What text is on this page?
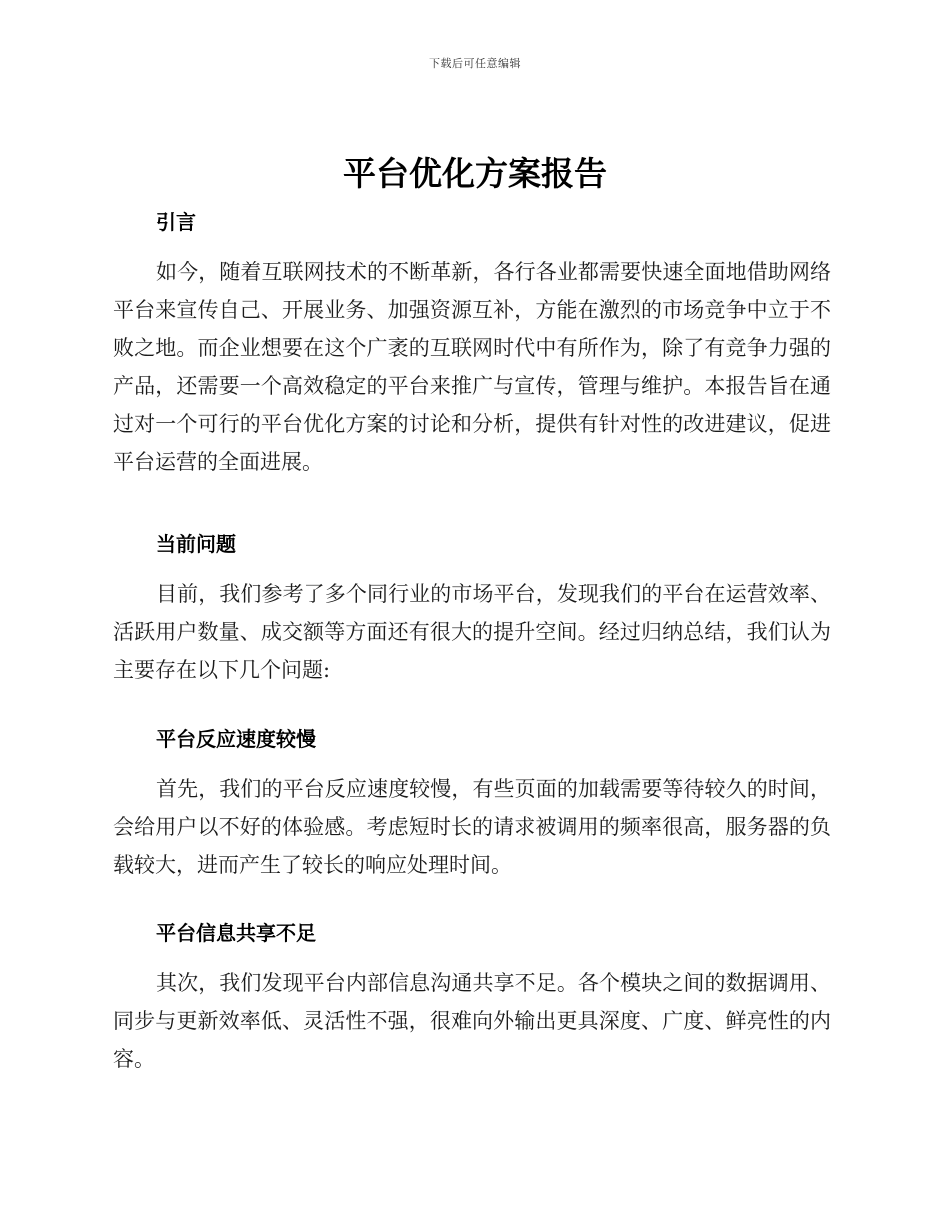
下载后可任意编辑
平台优化方案报告
引言

如今，随着互联网技术的不断革新，各行各业都需要快速全面地借助网络平台来宣传自己、开展业务、加强资源互补，方能在激烈的市场竞争中立于不败之地。而企业想要在这个广袤的互联网时代中有所作为，除了有竞争力强的产品，还需要一个高效稳定的平台来推广与宣传，管理与维护。本报告旨在通过对一个可行的平台优化方案的讨论和分析，提供有针对性的改进建议，促进平台运营的全面进展。

当前问题

目前，我们参考了多个同行业的市场平台，发现我们的平台在运营效率、活跃用户数量、成交额等方面还有很大的提升空间。经过归纳总结，我们认为主要存在以下几个问题:

平台反应速度较慢

首先，我们的平台反应速度较慢，有些页面的加载需要等待较久的时间，会给用户以不好的体验感。考虑短时长的请求被调用的频率很高，服务器的负载较大，进而产生了较长的响应处理时间。

平台信息共享不足

其次，我们发现平台内部信息沟通共享不足。各个模块之间的数据调用、同步与更新效率低、灵活性不强，很难向外输出更具深度、广度、鲜亮性的内容。
